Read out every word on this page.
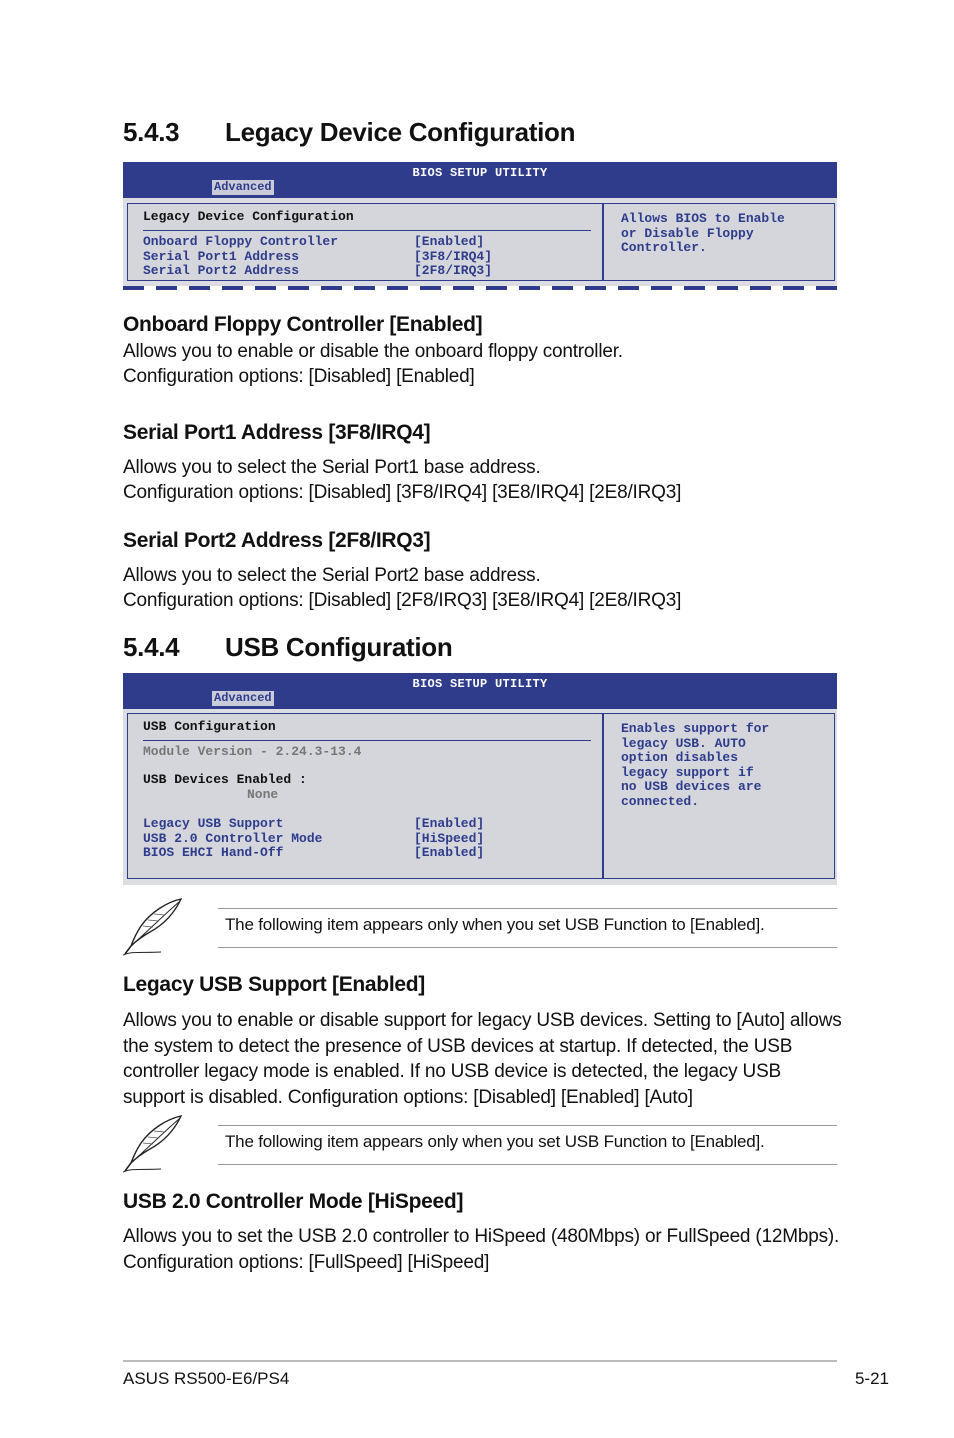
5.4.3 Legacy Device Configuration
BIOS SETUP UTILITY
Advanced
Legacy Device Configuration
Onboard Floppy Controller	[Enabled]
Serial Port1 Address	[3F8/IRQ4]
Serial Port2 Address	[2F8/IRQ3]
Allows BIOS to Enable
or Disable Floppy
Controller.
Onboard Floppy Controller [Enabled]

Allows you to enable or disable the onboard floppy controller.

Configuration options: [Disabled] [Enabled]

Serial Port1 Address [3F8/IRQ4]

Allows you to select the Serial Port1 base address.

Configuration options: [Disabled] [3F8/IRQ4] [3E8/IRQ4] [2E8/IRQ3]

Serial Port2 Address [2F8/IRQ3]

Allows you to select the Serial Port2 base address.

Configuration options: [Disabled] [2F8/IRQ3] [3E8/IRQ4] [2E8/IRQ3]

5.4.4 USB Configuration
BIOS SETUP UTILITY
Advanced
USB Configuration
Module Version - 2.24.3-13.4
USB Devices Enabled :
None
Legacy USB Support	[Enabled]
USB 2.0 Controller Mode	[HiSpeed]
BIOS EHCI Hand-Off	[Enabled]
Enables support for
legacy USB. AUTO
option disables
legacy support if
no USB devices are
connected.
The following item appears only when you set USB Function to [Enabled].
Legacy USB Support [Enabled]

Allows you to enable or disable support for legacy USB devices. Setting to [Auto] allows the system to detect the presence of USB devices at startup. If detected, the USB controller legacy mode is enabled. If no USB device is detected, the legacy USB support is disabled. Configuration options: [Disabled] [Enabled] [Auto]

The following item appears only when you set USB Function to [Enabled].
USB 2.0 Controller Mode [HiSpeed]

Allows you to set the USB 2.0 controller to HiSpeed (480Mbps) or FullSpeed (12Mbps). Configuration options: [FullSpeed] [HiSpeed]

ASUS RS500-E6/PS4	5-21
